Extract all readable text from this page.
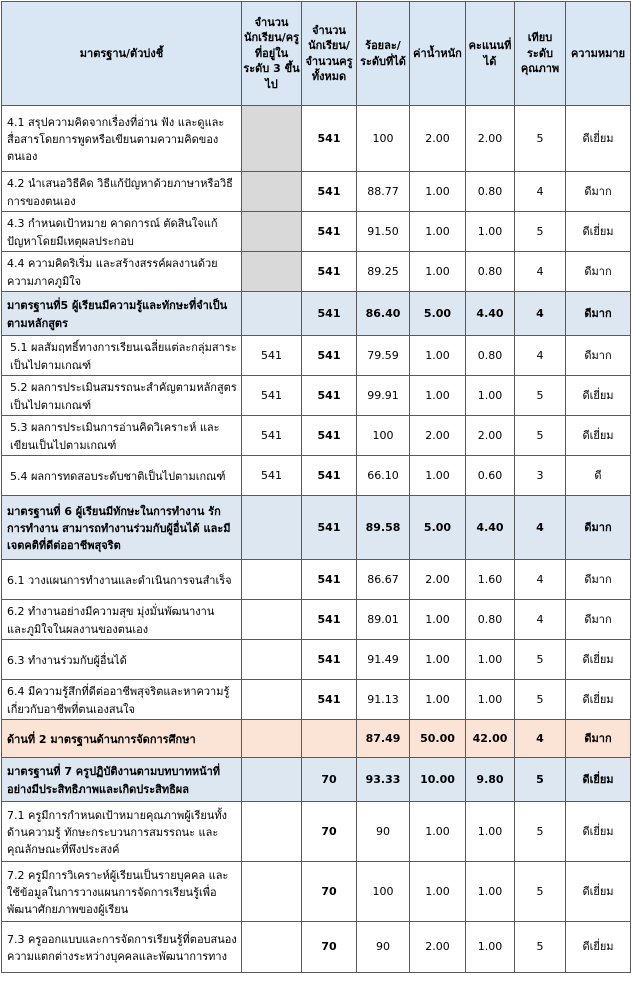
มาตรฐาน/ตัวบ่งชี้	จำนวนนักเรียน/ครูที่อยู่ในระดับ 3 ขึ้นไป	จำนวนนักเรียน/จำนวนครูทั้งหมด	ร้อยละ/ระดับที่ได้	ค่าน้ำหนัก	คะแนนที่ได้	เทียบระดับคุณภาพ	ความหมาย
4.1 สรุปความคิดจากเรื่องที่อ่าน ฟัง และดูและสื่อสารโดยการพูดหรือเขียนตามความคิดของตนเอง		541	100	2.00	2.00	5	ดีเยี่ยม
4.2 นำเสนอวิธีคิด วิธีแก้ปัญหาด้วยภาษาหรือวิธีการของตนเอง		541	88.77	1.00	0.80	4	ดีมาก
4.3 กำหนดเป้าหมาย คาดการณ์ ตัดสินใจแก้ปัญหาโดยมีเหตุผลประกอบ		541	91.50	1.00	1.00	5	ดีเยี่ยม
4.4 ความคิดริเริ่ม และสร้างสรรค์ผลงานด้วยความภาคภูมิใจ		541	89.25	1.00	0.80	4	ดีมาก
มาตรฐานที่5 ผู้เรียนมีความรู้และทักษะที่จำเป็นตามหลักสูตร		541	86.40	5.00	4.40	4	ดีมาก
5.1 ผลสัมฤทธิ์ทางการเรียนเฉลี่ยแต่ละกลุ่มสาระเป็นไปตามเกณฑ์	541	541	79.59	1.00	0.80	4	ดีมาก
5.2 ผลการประเมินสมรรถนะสำคัญตามหลักสูตรเป็นไปตามเกณฑ์	541	541	99.91	1.00	1.00	5	ดีเยี่ยม
5.3 ผลการประเมินการอ่านคิดวิเคราะห์ และเขียนเป็นไปตามเกณฑ์	541	541	100	2.00	2.00	5	ดีเยี่ยม
5.4 ผลการทดสอบระดับชาติเป็นไปตามเกณฑ์	541	541	66.10	1.00	0.60	3	ดี
มาตรฐานที่ 6 ผู้เรียนมีทักษะในการทำงาน รักการทำงาน สามารถทำงานร่วมกับผู้อื่นได้ และมีเจตคติที่ดีต่ออาชีพสุจริต		541	89.58	5.00	4.40	4	ดีมาก
6.1 วางแผนการทำงานและดำเนินการจนสำเร็จ		541	86.67	2.00	1.60	4	ดีมาก
6.2 ทำงานอย่างมีความสุข มุ่งมั่นพัฒนางาน และภูมิใจในผลงานของตนเอง		541	89.01	1.00	0.80	4	ดีมาก
6.3 ทำงานร่วมกับผู้อื่นได้		541	91.49	1.00	1.00	5	ดีเยี่ยม
6.4 มีความรู้สึกที่ดีต่ออาชีพสุจริตและหาความรู้เกี่ยวกับอาชีพที่ตนเองสนใจ		541	91.13	1.00	1.00	5	ดีเยี่ยม
ด้านที่ 2 มาตรฐานด้านการจัดการศึกษา			87.49	50.00	42.00	4	ดีมาก
มาตรฐานที่ 7 ครูปฏิบัติงานตามบทบาทหน้าที่อย่างมีประสิทธิภาพและเกิดประสิทธิผล		70	93.33	10.00	9.80	5	ดีเยี่ยม
7.1 ครูมีการกำหนดเป้าหมายคุณภาพผู้เรียนทั้งด้านความรู้ ทักษะกระบวนการสมรรถนะ และคุณลักษณะที่พึงประสงค์		70	90	1.00	1.00	5	ดีเยี่ยม
7.2 ครูมีการวิเคราะห์ผู้เรียนเป็นรายบุคคล และใช้ข้อมูลในการวางแผนการจัดการเรียนรู้เพื่อพัฒนาศักยภาพของผู้เรียน		70	100	1.00	1.00	5	ดีเยี่ยม
7.3 ครูออกแบบและการจัดการเรียนรู้ที่ตอบสนองความแตกต่างระหว่างบุคคลและพัฒนาการทาง		70	90	2.00	1.00	5	ดีเยี่ยม
